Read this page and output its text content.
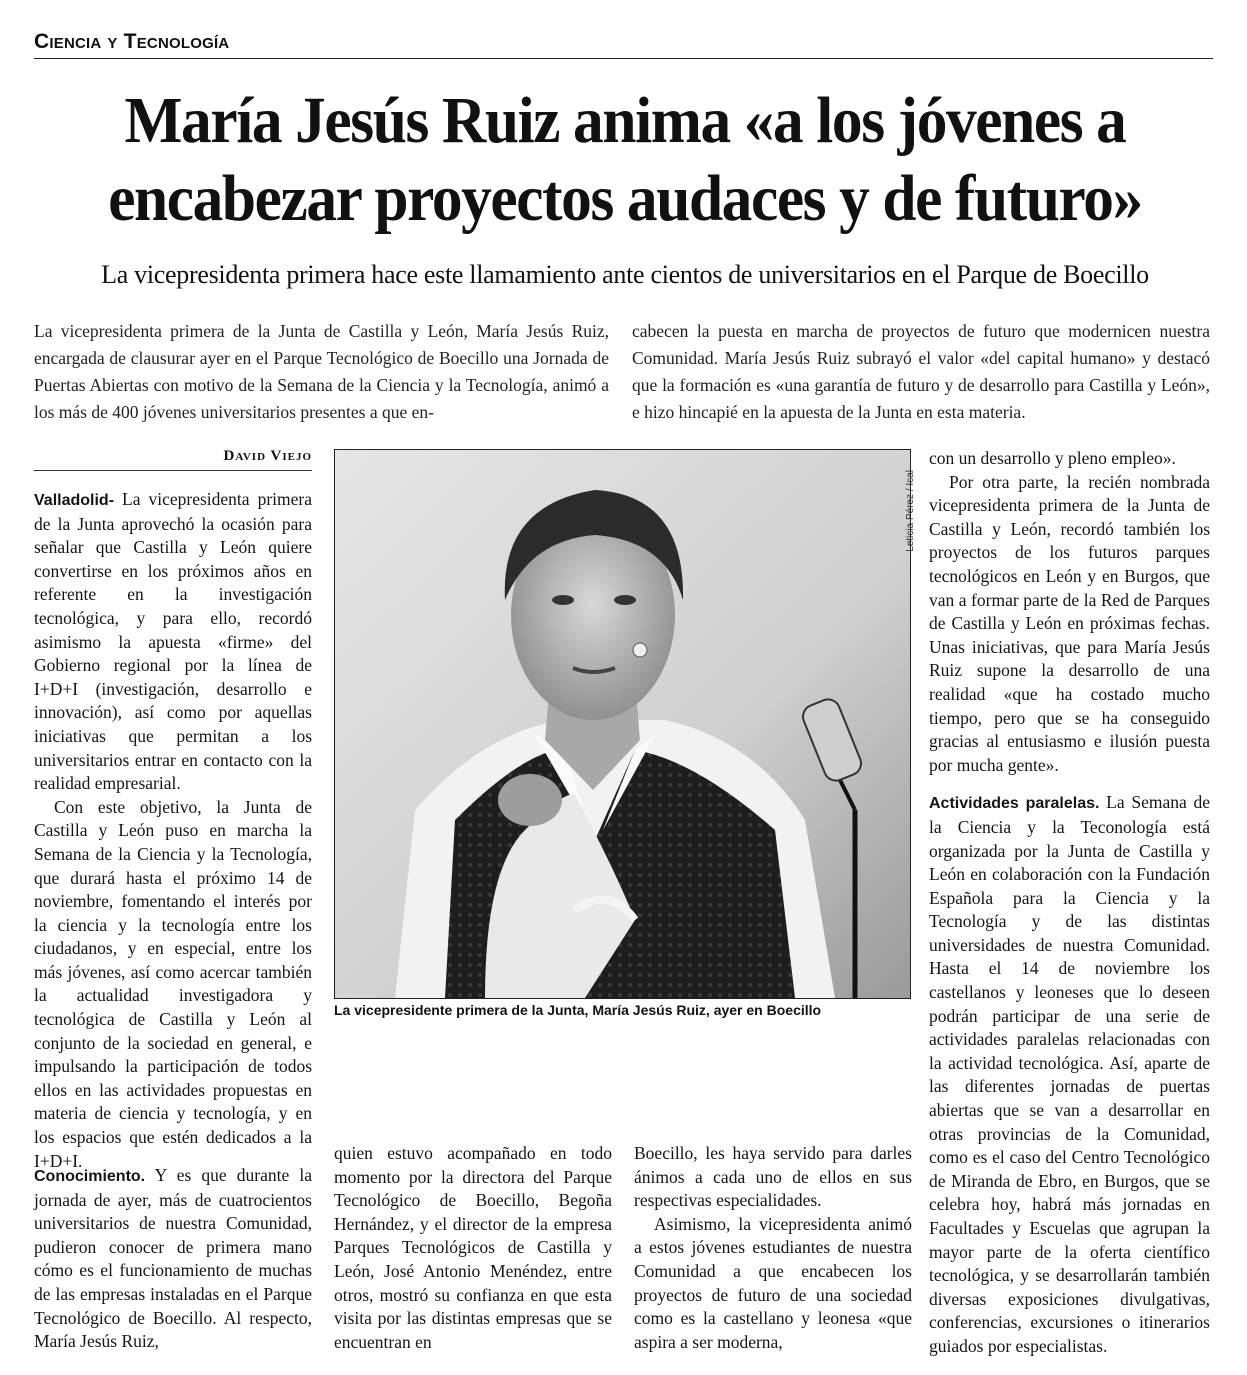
Ciencia y Tecnología
María Jesús Ruiz anima «a los jóvenes a
encabezar proyectos audaces y de futuro»
La vicepresidenta primera hace este llamamiento ante cientos de universitarios en el Parque de Boecillo
La vicepresidenta primera de la Junta de Castilla y León, María Jesús Ruiz, encargada de clausurar ayer en el Parque Tecnológico de Boecillo una Jornada de Puertas Abiertas con motivo de la Semana de la Ciencia y la Tecnología, animó a los más de 400 jóvenes universitarios presentes a que en-
cabecen la puesta en marcha de proyectos de futuro que modernicen nuestra Comunidad. María Jesús Ruiz subrayó el valor «del capital humano» y destacó que la formación es «una garantía de futuro y de desarrollo para Castilla y León», e hizo hincapié en la apuesta de la Junta en esta materia.
David Viejo

Valladolid- La vicepresidenta primera de la Junta aprovechó la ocasión para señalar que Castilla y León quiere convertirse en los próximos años en referente en la investigación tecnológica, y para ello, recordó asimismo la apuesta «firme» del Gobierno regional por la línea de I+D+I (investigación, desarrollo e innovación), así como por aquellas iniciativas que permitan a los universitarios entrar en contacto con la realidad empresarial.

Con este objetivo, la Junta de Castilla y León puso en marcha la Semana de la Ciencia y la Tecnología, que durará hasta el próximo 14 de noviembre, fomentando el interés por la ciencia y la tecnología entre los ciudadanos, y en especial, entre los más jóvenes, así como acercar también la actualidad investigadora y tecnológica de Castilla y León al conjunto de la sociedad en general, e impulsando la participación de todos ellos en las actividades propuestas en materia de ciencia y tecnología, y en los espacios que estén dedicados a la I+D+I.

Conocimiento. Y es que durante la jornada de ayer, más de cuatrocientos universitarios de nuestra Comunidad, pudieron conocer de primera mano cómo es el funcionamiento de muchas de las empresas instaladas en el Parque Tecnológico de Boecillo. Al respecto, María Jesús Ruiz,

Leticia Pérez / Ical
La vicepresidente primera de la Junta, María Jesús Ruiz, ayer en Boecillo

quien estuvo acompañado en todo momento por la directora del Parque Tecnológico de Boecillo, Begoña Hernández, y el director de la empresa Parques Tecnológicos de Castilla y León, José Antonio Menéndez, entre otros, mostró su confianza en que esta visita por las distintas empresas que se encuentran en

Boecillo, les haya servido para darles ánimos a cada uno de ellos en sus respectivas especialidades.

Asimismo, la vicepresidenta animó a estos jóvenes estudiantes de nuestra Comunidad a que encabecen los proyectos de futuro de una sociedad como es la castellano y leonesa «que aspira a ser moderna,

con un desarrollo y pleno empleo».

Por otra parte, la recién nombrada vicepresidenta primera de la Junta de Castilla y León, recordó también los proyectos de los futuros parques tecnológicos en León y en Burgos, que van a formar parte de la Red de Parques de Castilla y León en próximas fechas. Unas iniciativas, que para María Jesús Ruiz supone la desarrollo de una realidad «que ha costado mucho tiempo, pero que se ha conseguido gracias al entusiasmo e ilusión puesta por mucha gente».

Actividades paralelas. La Semana de la Ciencia y la Teconología está organizada por la Junta de Castilla y León en colaboración con la Fundación Española para la Ciencia y la Tecnología y de las distintas universidades de nuestra Comunidad. Hasta el 14 de noviembre los castellanos y leoneses que lo deseen podrán participar de una serie de actividades paralelas relacionadas con la actividad tecnológica. Así, aparte de las diferentes jornadas de puertas abiertas que se van a desarrollar en otras provincias de la Comunidad, como es el caso del Centro Tecnológico de Miranda de Ebro, en Burgos, que se celebra hoy, habrá más jornadas en Facultades y Escuelas que agrupan la mayor parte de la oferta científico tecnológica, y se desarrollarán también diversas exposiciones divulgativas, conferencias, excursiones o itinerarios guiados por especialistas.
